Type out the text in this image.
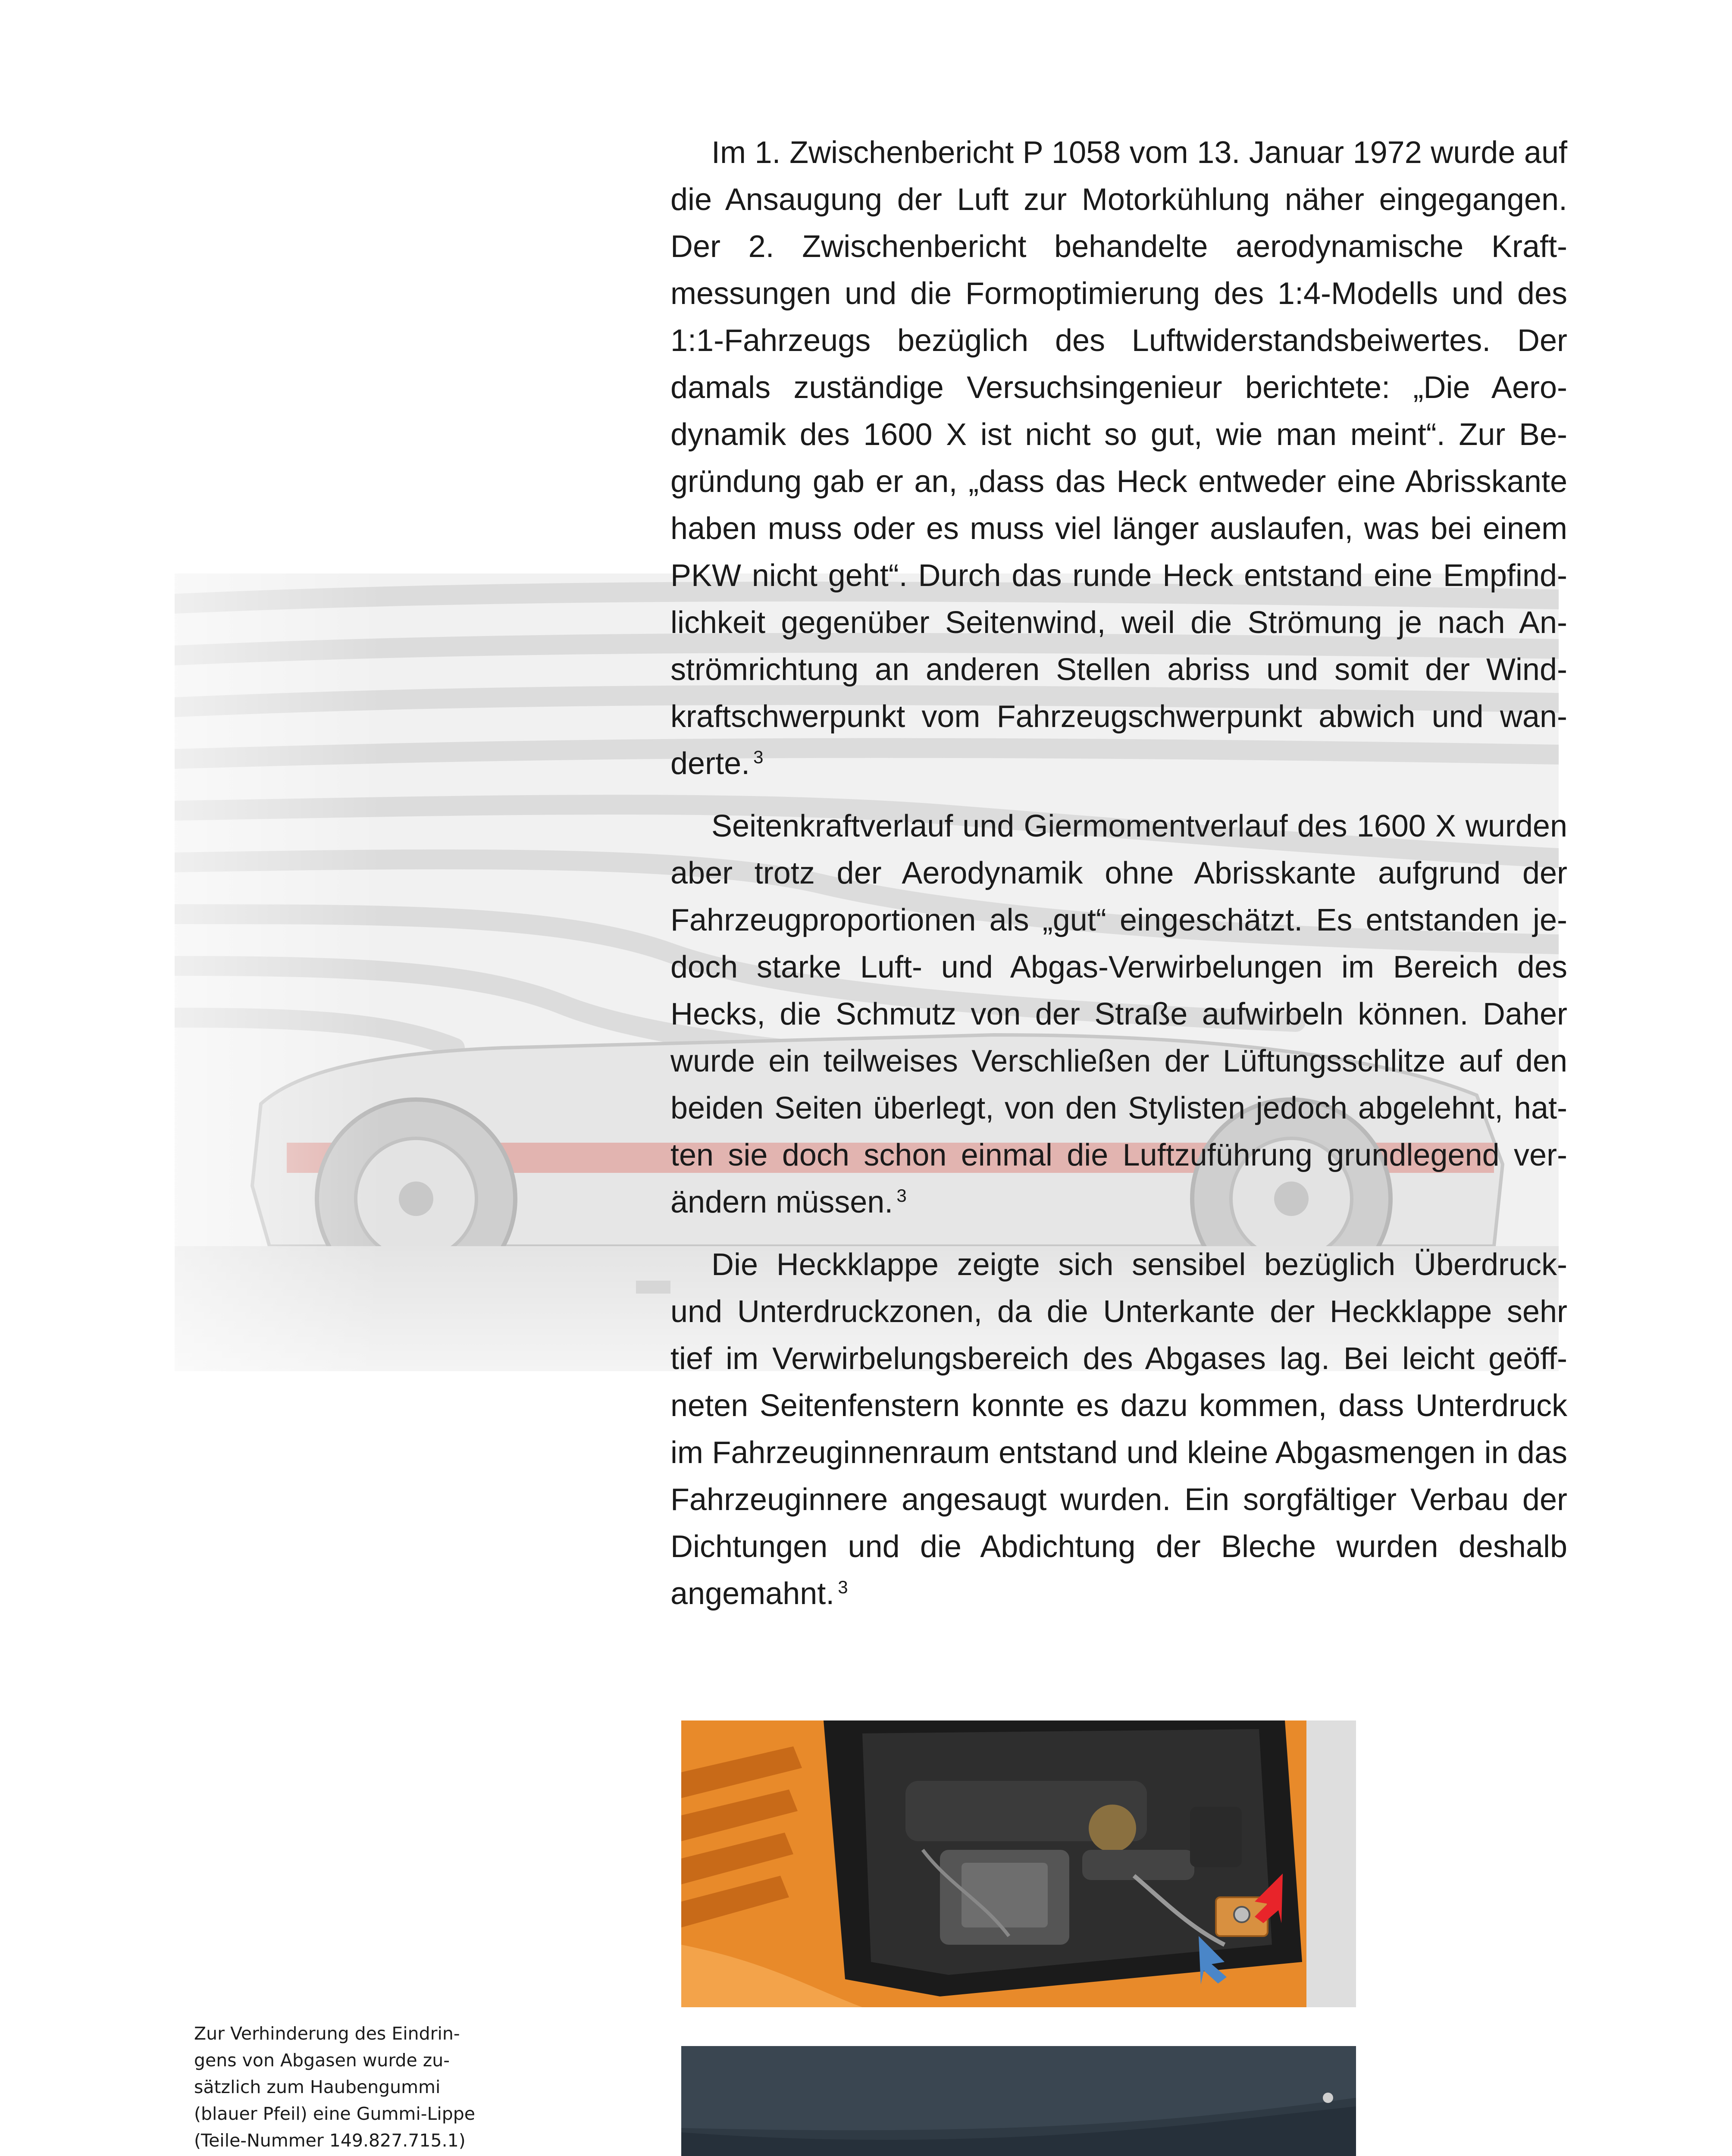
Im 1. Zwischenbericht P 1058 vom 13. Januar 1972 wurde auf die Ansaugung der Luft zur Motorkühlung näher eingegangen. Der 2. Zwischenbericht behandelte aerodynamische Kraftmessungen und die Formoptimierung des 1:4-Modells und des 1:1-Fahrzeugs bezüglich des Luftwiderstandsbeiwertes. Der damals zuständige Versuchsingenieur berichtete: „Die Aerodynamik des 1600 X ist nicht so gut, wie man meint“. Zur Begründung gab er an, „dass das Heck entweder eine Abrisskante haben muss oder es muss viel länger auslaufen, was bei einem PKW nicht geht“. Durch das runde Heck entstand eine Empfindlichkeit gegenüber Seitenwind, weil die Strömung je nach Anströmrichtung an anderen Stellen abriss und somit der Windkraftschwerpunkt vom Fahrzeugschwerpunkt abwich und wanderte. $^3$

Seitenkraftverlauf und Giermomentverlauf des 1600 X wurden aber trotz der Aerodynamik ohne Abrisskante aufgrund der Fahrzeugproportionen als „gut“ eingeschätzt. Es entstanden jedoch starke Luft- und Abgas-Verwirbelungen im Bereich des Hecks, die Schmutz von der Straße aufwirbeln können. Daher wurde ein teilweises Verschließen der Lüftungsschlitze auf den beiden Seiten überlegt, von den Stylisten jedoch abgelehnt, hatten sie doch schon einmal die Luftzuführung grundlegend verändern müssen. $^3$

Die Heckklappe zeigte sich sensibel bezüglich Überdruck- und Unterdruckzonen, da die Unterkante der Heckklappe sehr tief im Verwirbelungsbereich des Abgases lag. Bei leicht geöffneten Seitenfenstern konnte es dazu kommen, dass Unterdruck im Fahrzeuginnenraum entstand und kleine Abgasmengen in das Fahrzeuginnere angesaugt wurden. Ein sorgfältiger Verbau der Dichtungen und die Abdichtung der Bleche wurden deshalb angemahnt. $^3$

Zur Verhinderung des Eindrin-
gens von Abgasen wurde zu-
sätzlich zum Haubengummi
(blauer Pfeil) eine Gummi-Lippe
(Teile-Nummer 149.827.715.1)
